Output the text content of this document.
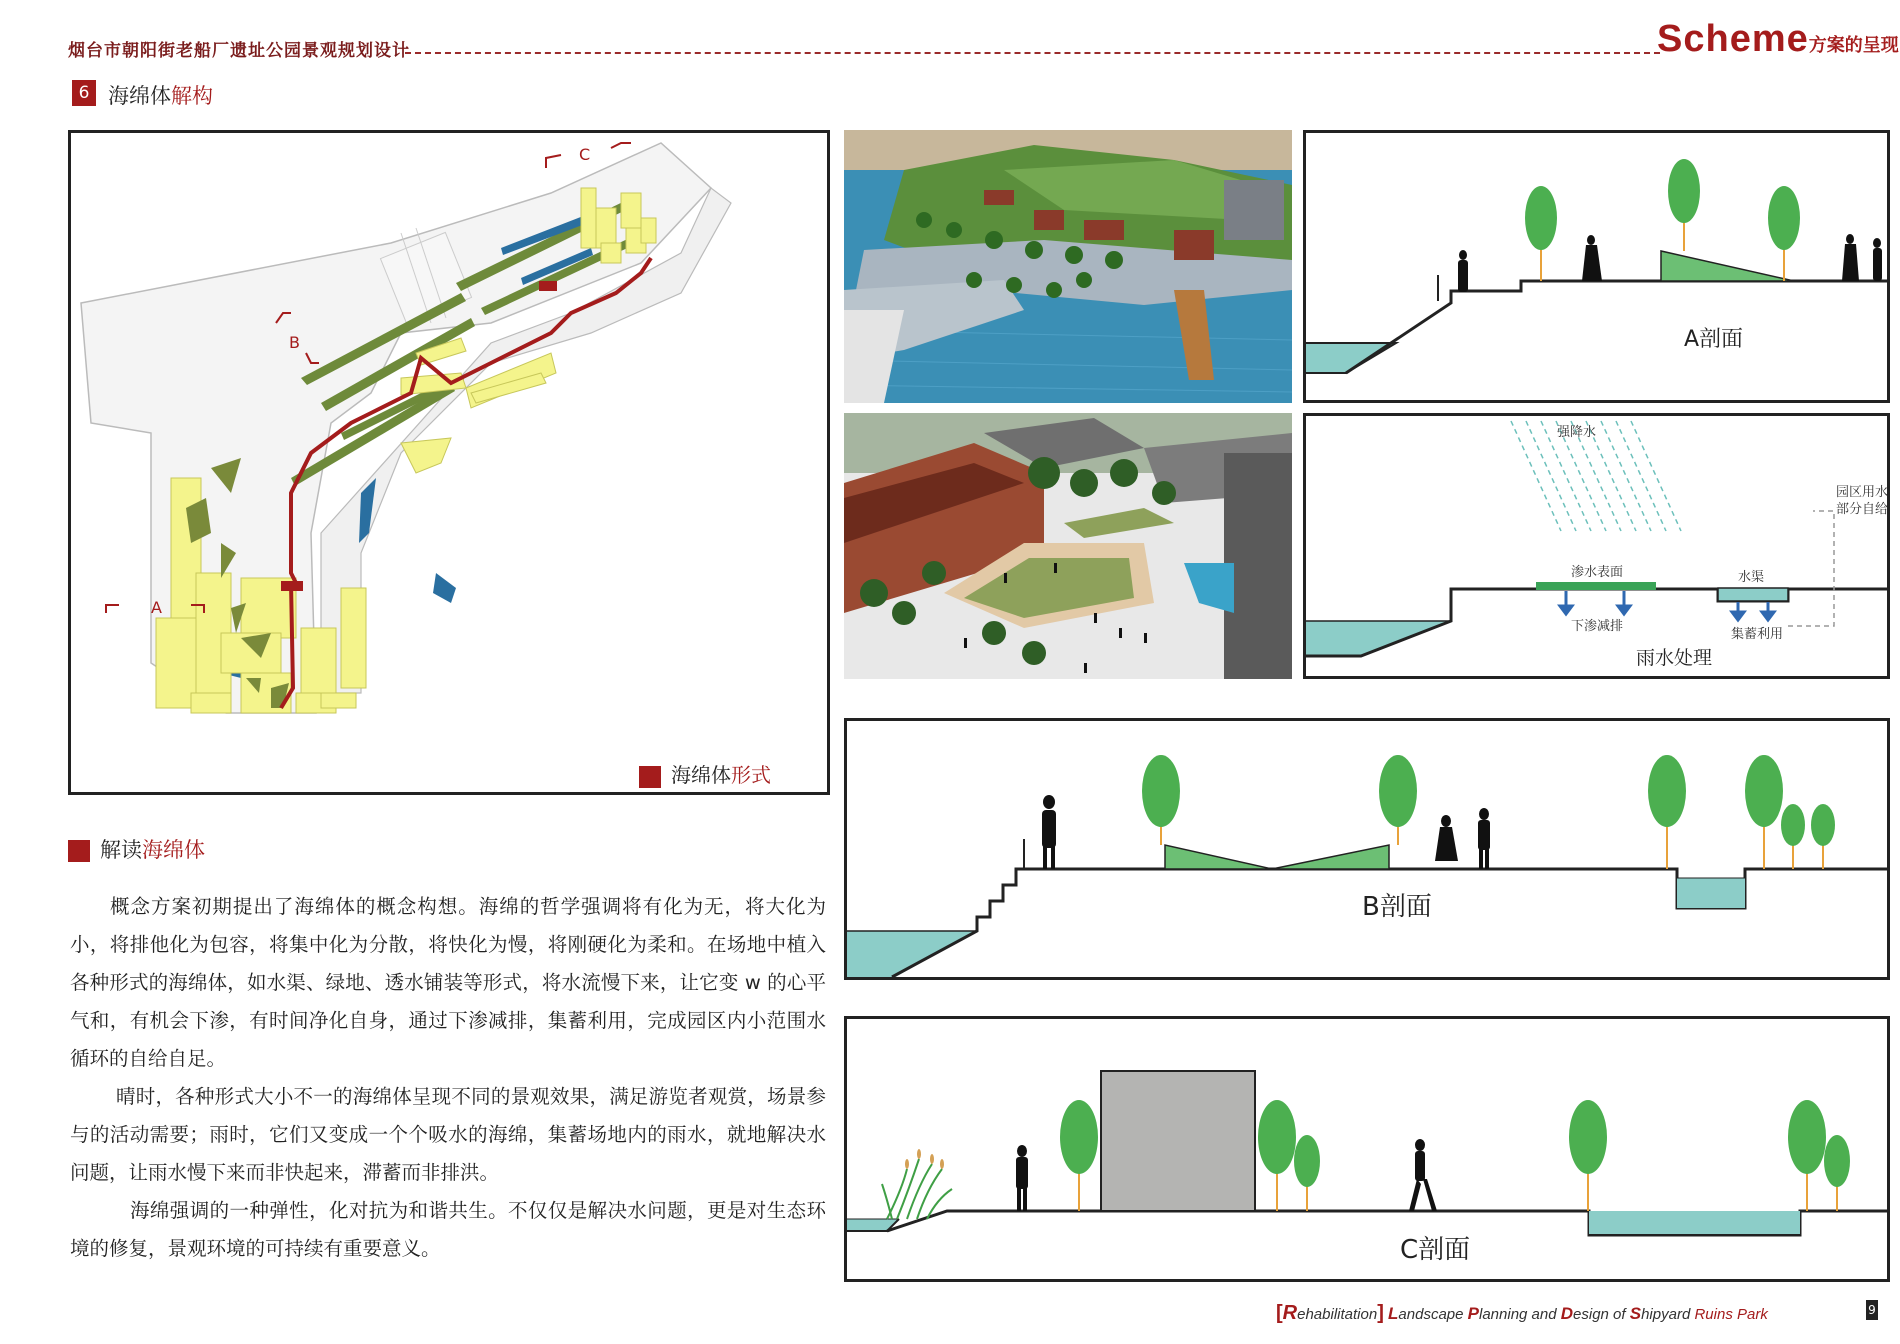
烟台市朝阳街老船厂遗址公园景观规划设计	Scheme方案的呈现
6 海绵体解构
A
B
C
海绵体形式
解读海绵体

概念方案初期提出了海绵体的概念构想。海绵的哲学强调将有化为无，将大化为小，将排他化为包容，将集中化为分散，将快化为慢，将刚硬化为柔和。在场地中植入各种形式的海绵体，如水渠、绿地、透水铺装等形式，将水流慢下来，让它变 w 的心平气和，有机会下渗，有时间净化自身，通过下渗减排，集蓄利用，完成园区内小范围水循环的自给自足。

晴时，各种形式大小不一的海绵体呈现不同的景观效果，满足游览者观赏，场景参与的活动需要；雨时，它们又变成一个个吸水的海绵，集蓄场地内的雨水，就地解决水问题，让雨水慢下来而非快起来，滞蓄而非排洪。

海绵强调的一种弹性，化对抗为和谐共生。不仅仅是解决水问题，更是对生态环境的修复，景观环境的可持续有重要意义。

A剖面
强降水
渗水表面
下渗减排
水渠
集蓄利用
园区用水
部分自给
雨水处理
B剖面
C剖面
[Rehabilitation] Landscape Planning and Design of Shipyard Ruins Park	9
